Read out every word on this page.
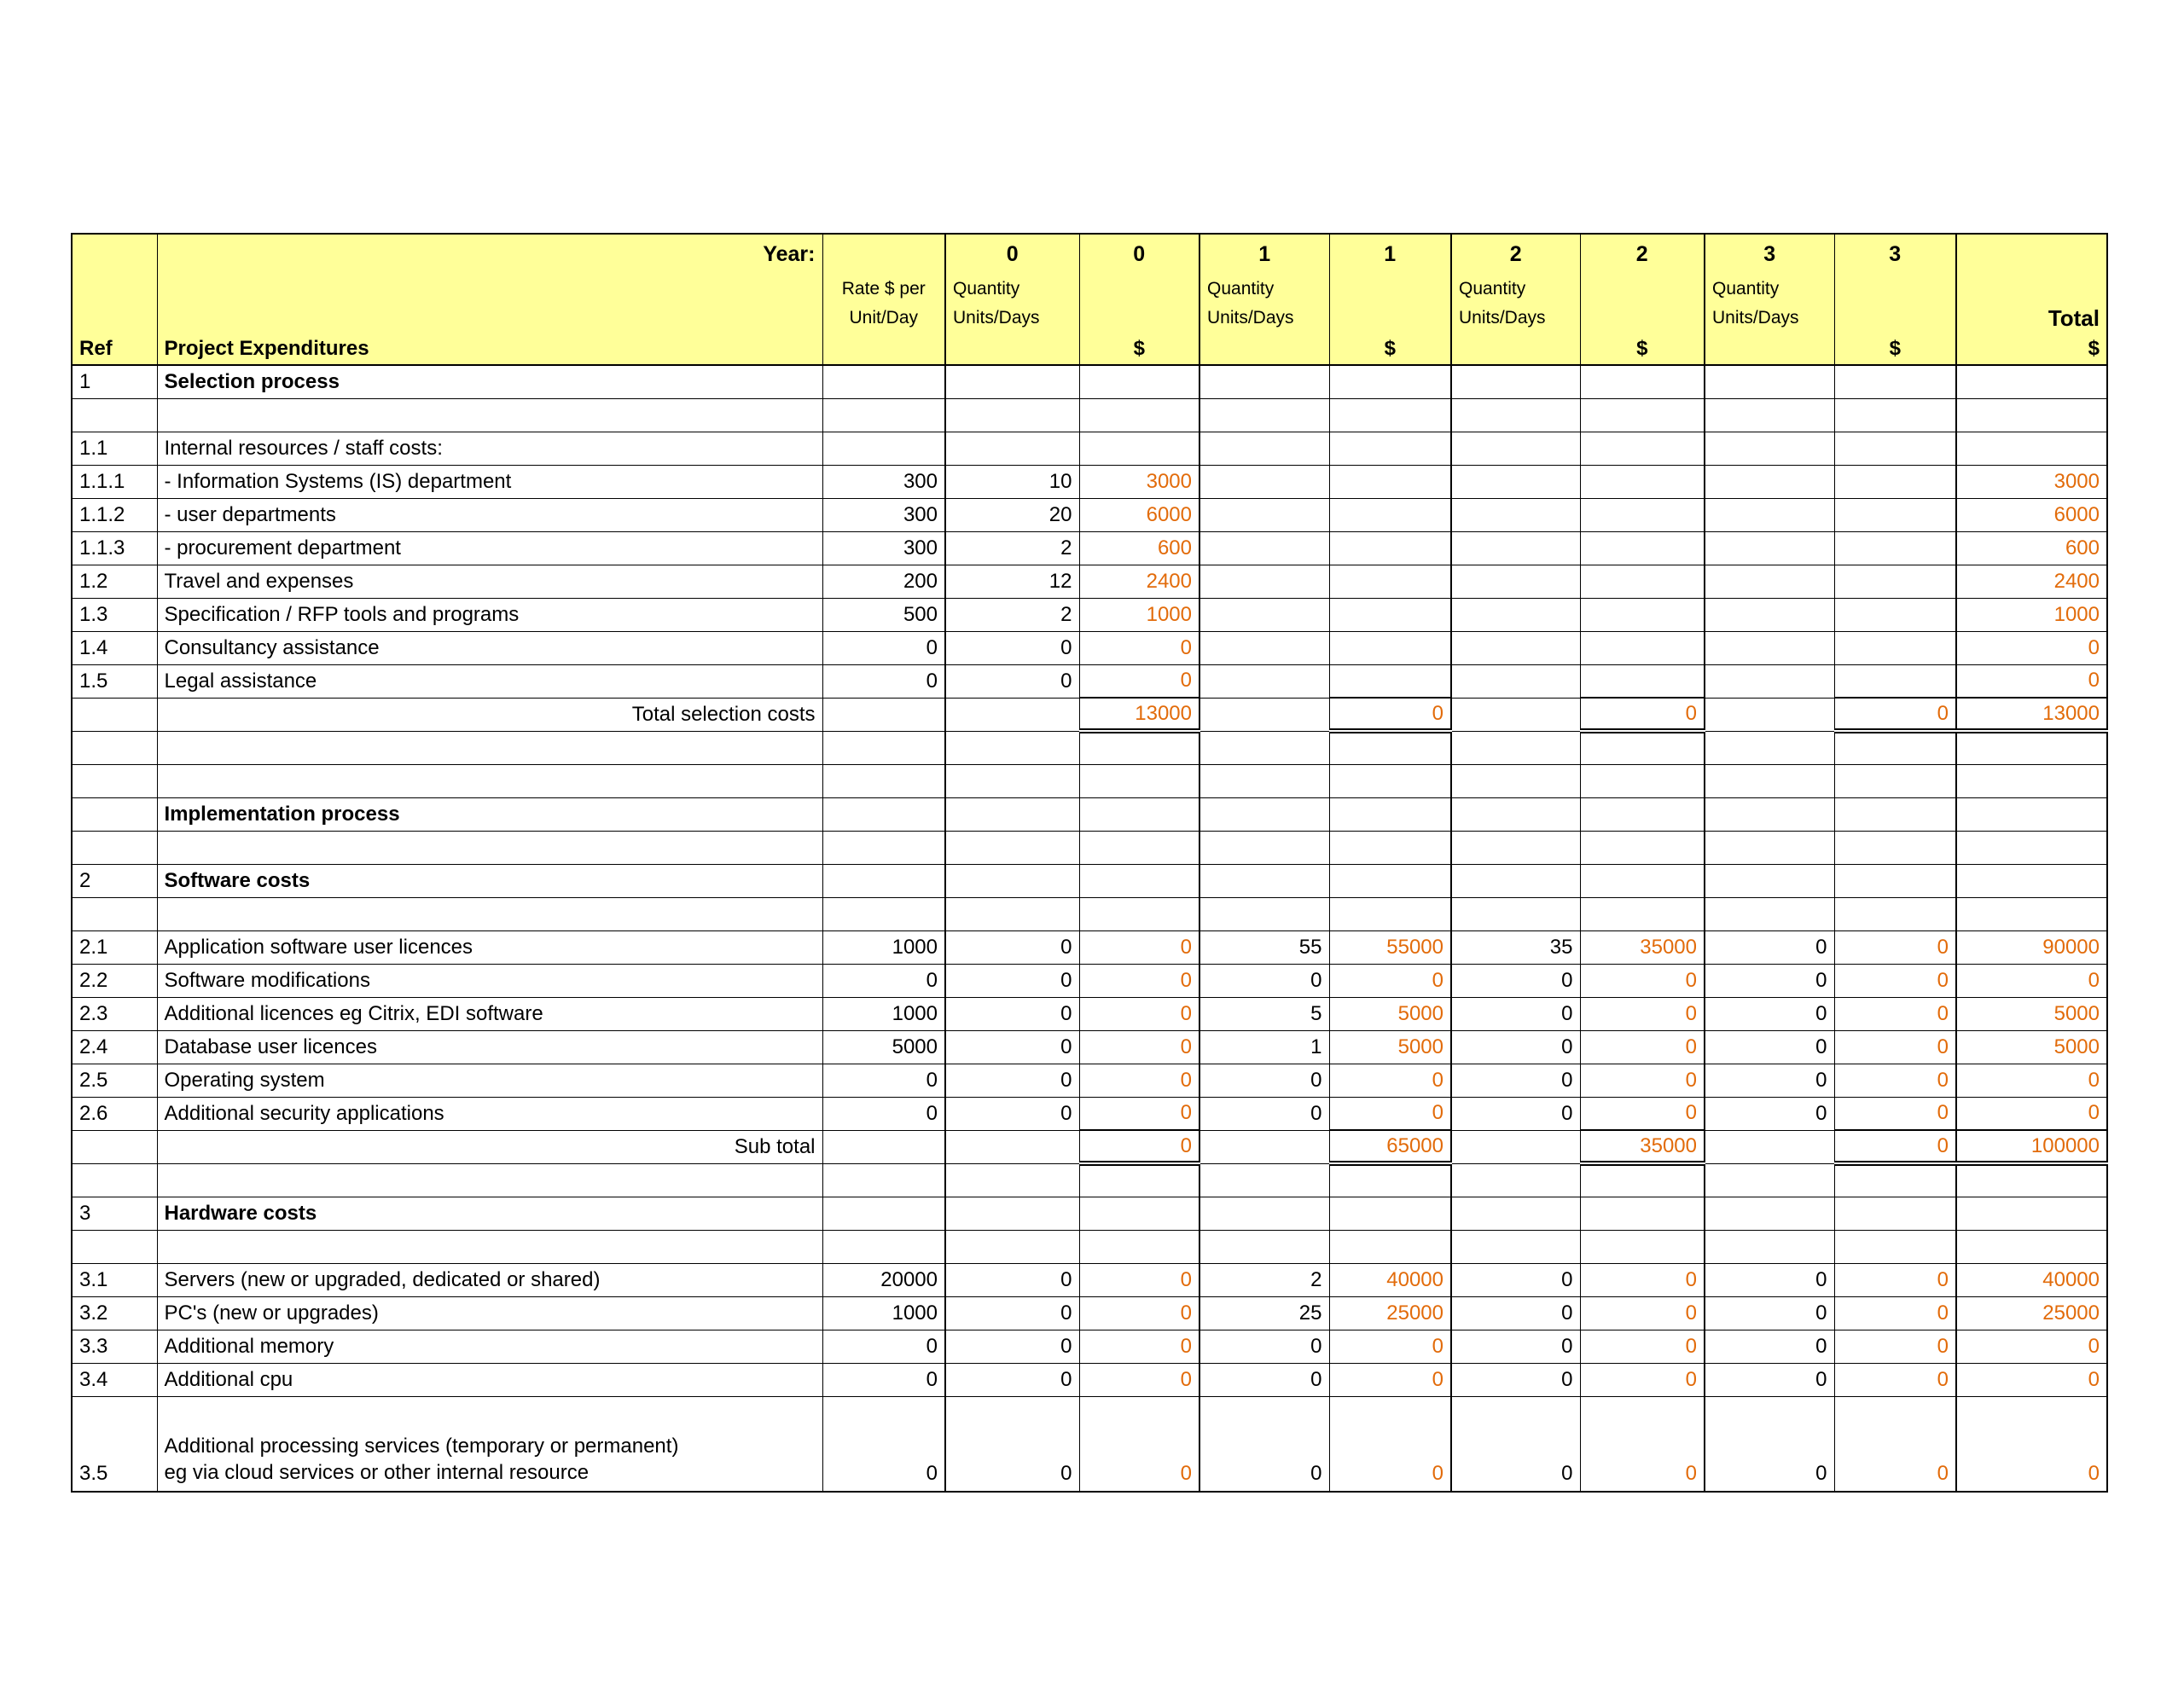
	Year:		0	0	1	1	2	2	3	3	
		Rate $ per	Quantity		Quantity		Quantity		Quantity		
		Unit/Day	Units/Days		Units/Days		Units/Days		Units/Days		Total
Ref	Project Expenditures			$		$		$		$	$
1	Selection process										

1.1	Internal resources / staff costs:										
1.1.1	- Information Systems (IS) department	300	10	3000							3000
1.1.2	- user departments	300	20	6000							6000
1.1.3	- procurement department	300	2	600							600
1.2	Travel and expenses	200	12	2400							2400
1.3	Specification / RFP tools and programs	500	2	1000							1000
1.4	Consultancy assistance	0	0	0							0
1.5	Legal assistance	0	0	0							0
	Total selection costs			13000		0		0		0	13000

	Implementation process										

2	Software costs										

2.1	Application software user licences	1000	0	0	55	55000	35	35000	0	0	90000
2.2	Software modifications	0	0	0	0	0	0	0	0	0	0
2.3	Additional licences eg Citrix, EDI software	1000	0	0	5	5000	0	0	0	0	5000
2.4	Database user licences	5000	0	0	1	5000	0	0	0	0	5000
2.5	Operating system	0	0	0	0	0	0	0	0	0	0
2.6	Additional security applications	0	0	0	0	0	0	0	0	0	0
	Sub total			0		65000		35000		0	100000

3	Hardware costs										

3.1	Servers (new or upgraded, dedicated or shared)	20000	0	0	2	40000	0	0	0	0	40000
3.2	PC's (new or upgrades)	1000	0	0	25	25000	0	0	0	0	25000
3.3	Additional memory	0	0	0	0	0	0	0	0	0	0
3.4	Additional cpu	0	0	0	0	0	0	0	0	0	0
3.5	Additional processing services (temporary or permanent)
eg via cloud services or other internal resource	0	0	0	0	0	0	0	0	0	0
